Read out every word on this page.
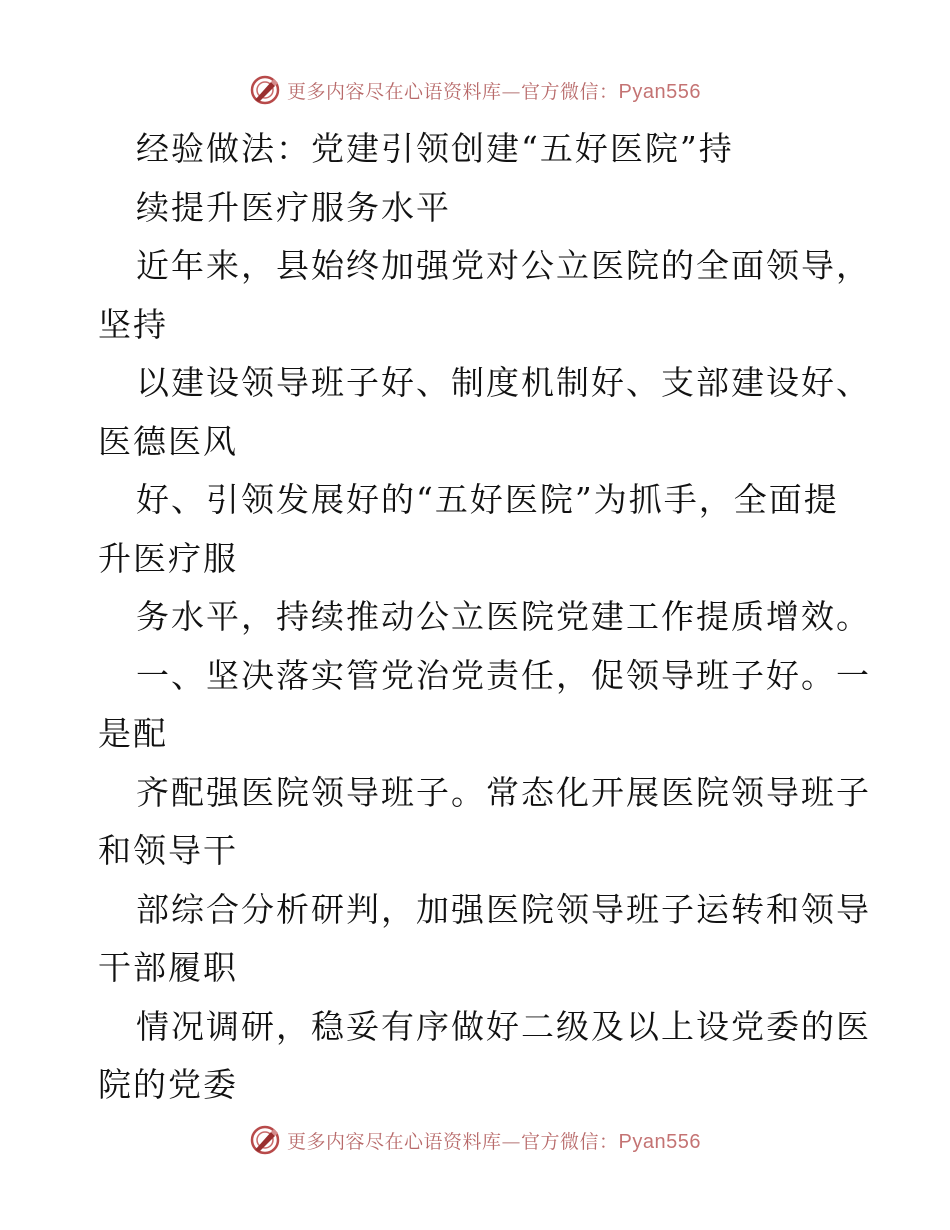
更多内容尽在心语资料库—官方微信：Pyan556
经验做法：党建引领创建“五好医院”持
续提升医疗服务水平
近年来，县始终加强党对公立医院的全面领导，
坚持
以建设领导班子好、制度机制好、支部建设好、
医德医风
好、引领发展好的“五好医院”为抓手，全面提
升医疗服
务水平，持续推动公立医院党建工作提质增效。
一、坚决落实管党治党责任，促领导班子好。一
是配
齐配强医院领导班子。常态化开展医院领导班子
和领导干
部综合分析研判，加强医院领导班子运转和领导
干部履职
情况调研，稳妥有序做好二级及以上设党委的医
院的党委
更多内容尽在心语资料库—官方微信：Pyan556
